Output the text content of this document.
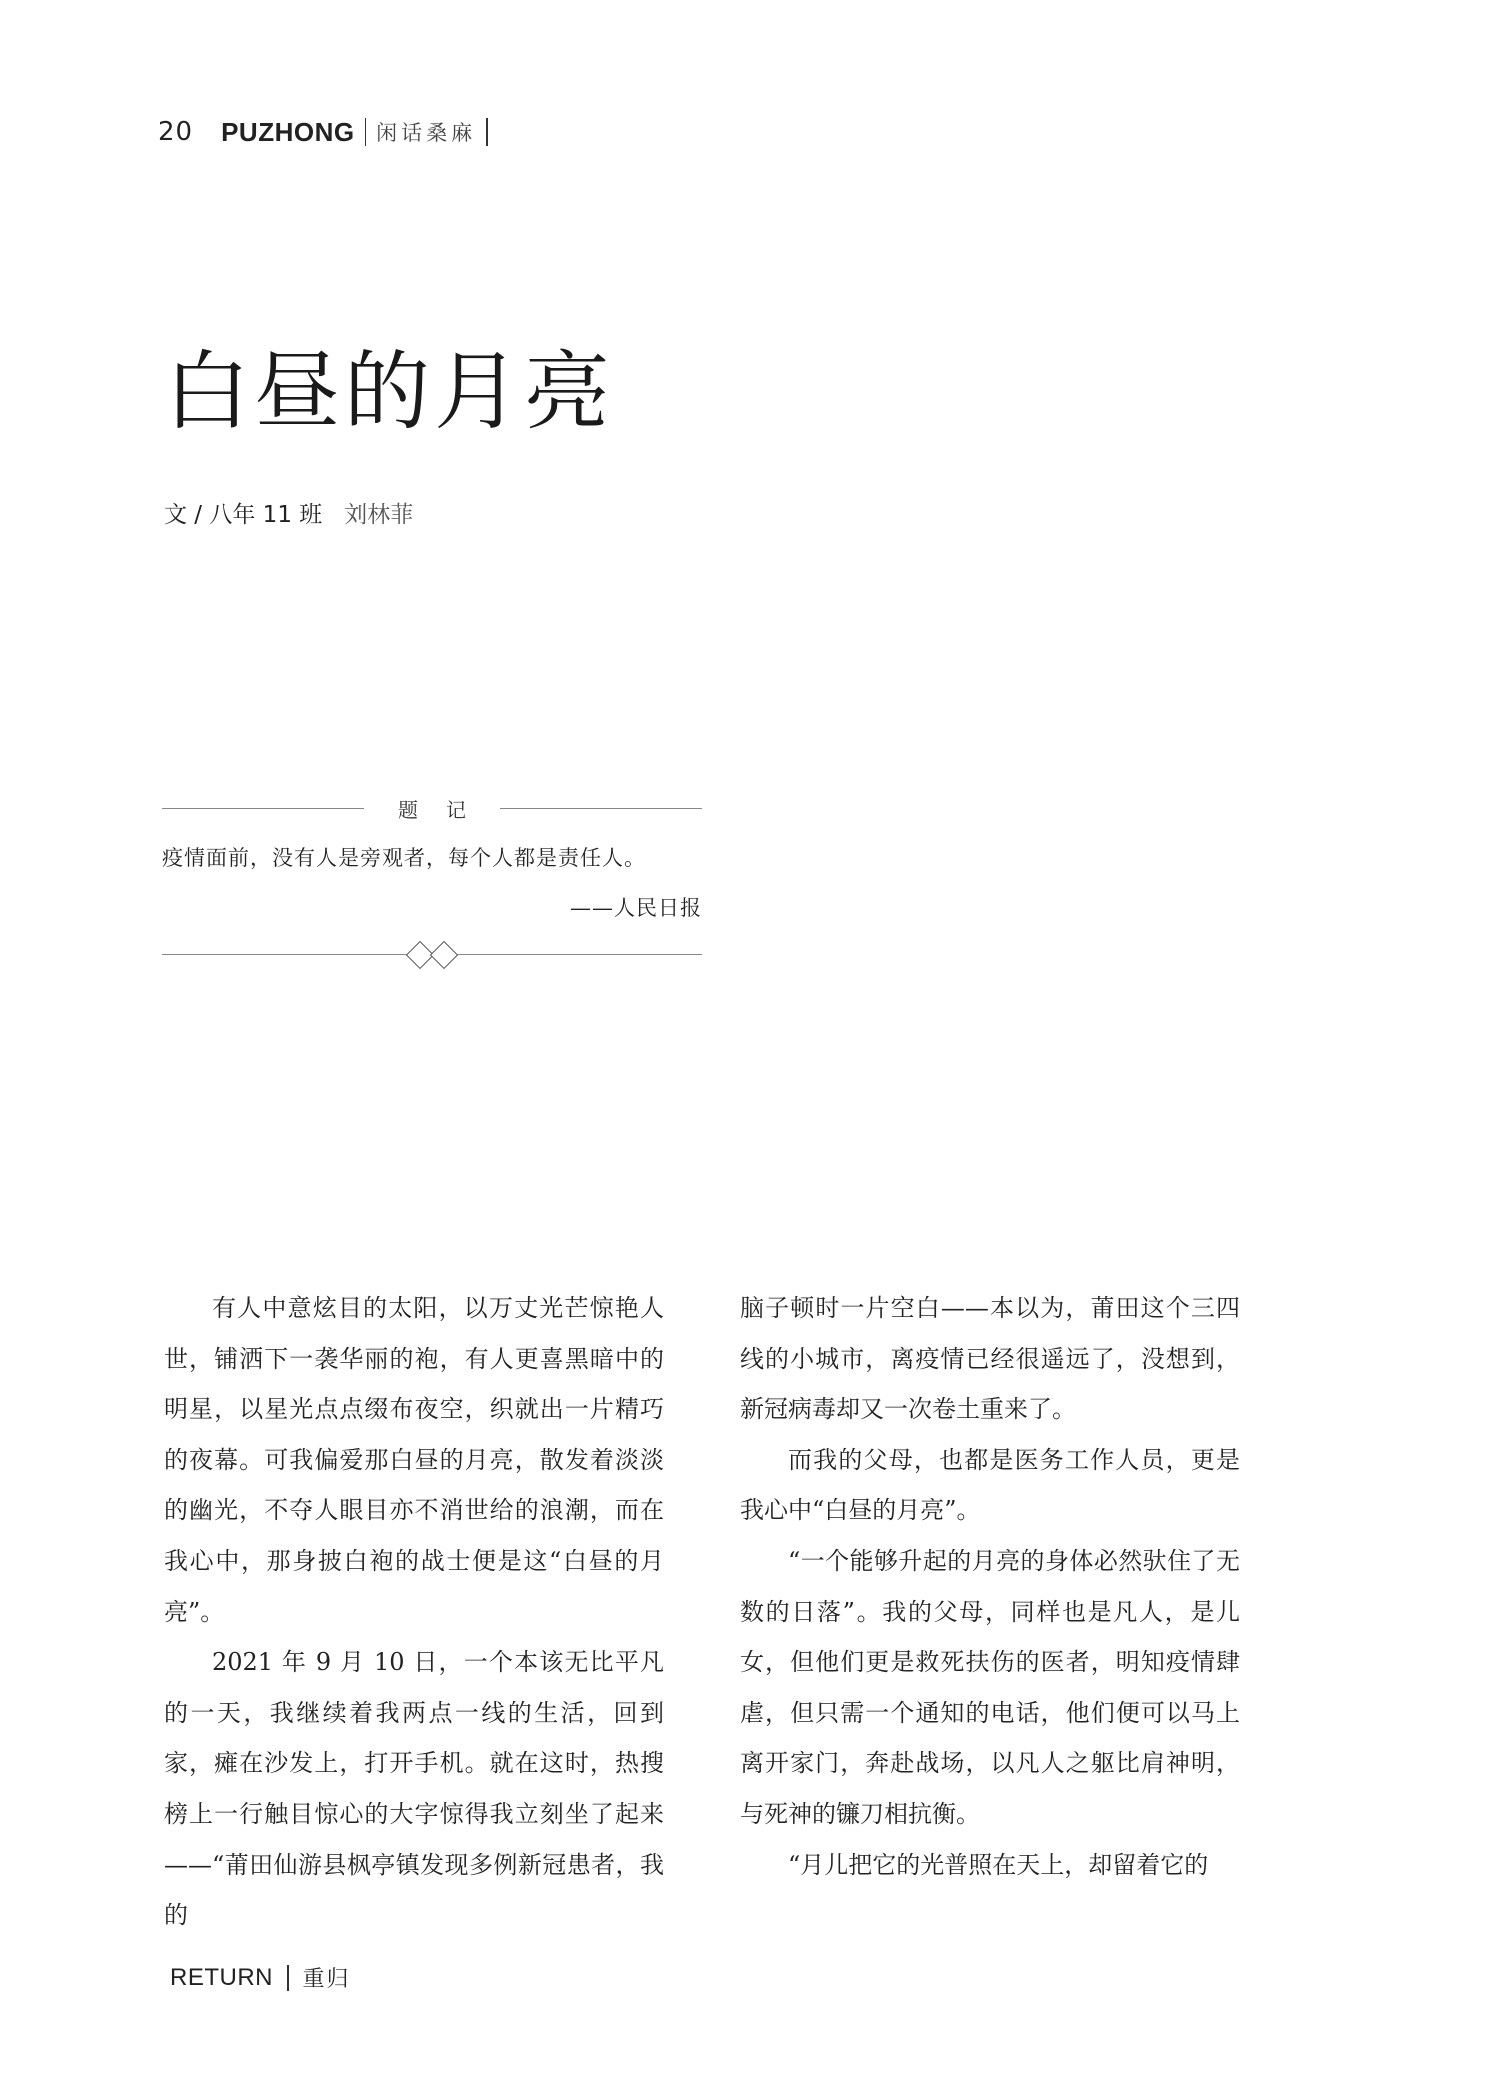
20 PUZHONG 闲话桑麻
白昼的月亮
文 / 八年 11 班 刘林菲
题记
疫情面前，没有人是旁观者，每个人都是责任人。
——人民日报

有人中意炫目的太阳，以万丈光芒惊艳人世，铺洒下一袭华丽的袍，有人更喜黑暗中的明星，以星光点点缀布夜空，织就出一片精巧的夜幕。可我偏爱那白昼的月亮，散发着淡淡的幽光，不夺人眼目亦不消世给的浪潮，而在我心中，那身披白袍的战士便是这“白昼的月亮”。

2021 年 9 月 10 日，一个本该无比平凡的一天，我继续着我两点一线的生活，回到家，瘫在沙发上，打开手机。就在这时，热搜榜上一行触目惊心的大字惊得我立刻坐了起来——“莆田仙游县枫亭镇发现多例新冠患者，我的

脑子顿时一片空白——本以为，莆田这个三四线的小城市，离疫情已经很遥远了，没想到，新冠病毒却又一次卷土重来了。

而我的父母，也都是医务工作人员，更是我心中“白昼的月亮”。

“一个能够升起的月亮的身体必然驮住了无数的日落”。我的父母，同样也是凡人，是儿女，但他们更是救死扶伤的医者，明知疫情肆虐，但只需一个通知的电话，他们便可以马上离开家门，奔赴战场，以凡人之躯比肩神明，与死神的镰刀相抗衡。

“月儿把它的光普照在天上，却留着它的

RETURN 重归
